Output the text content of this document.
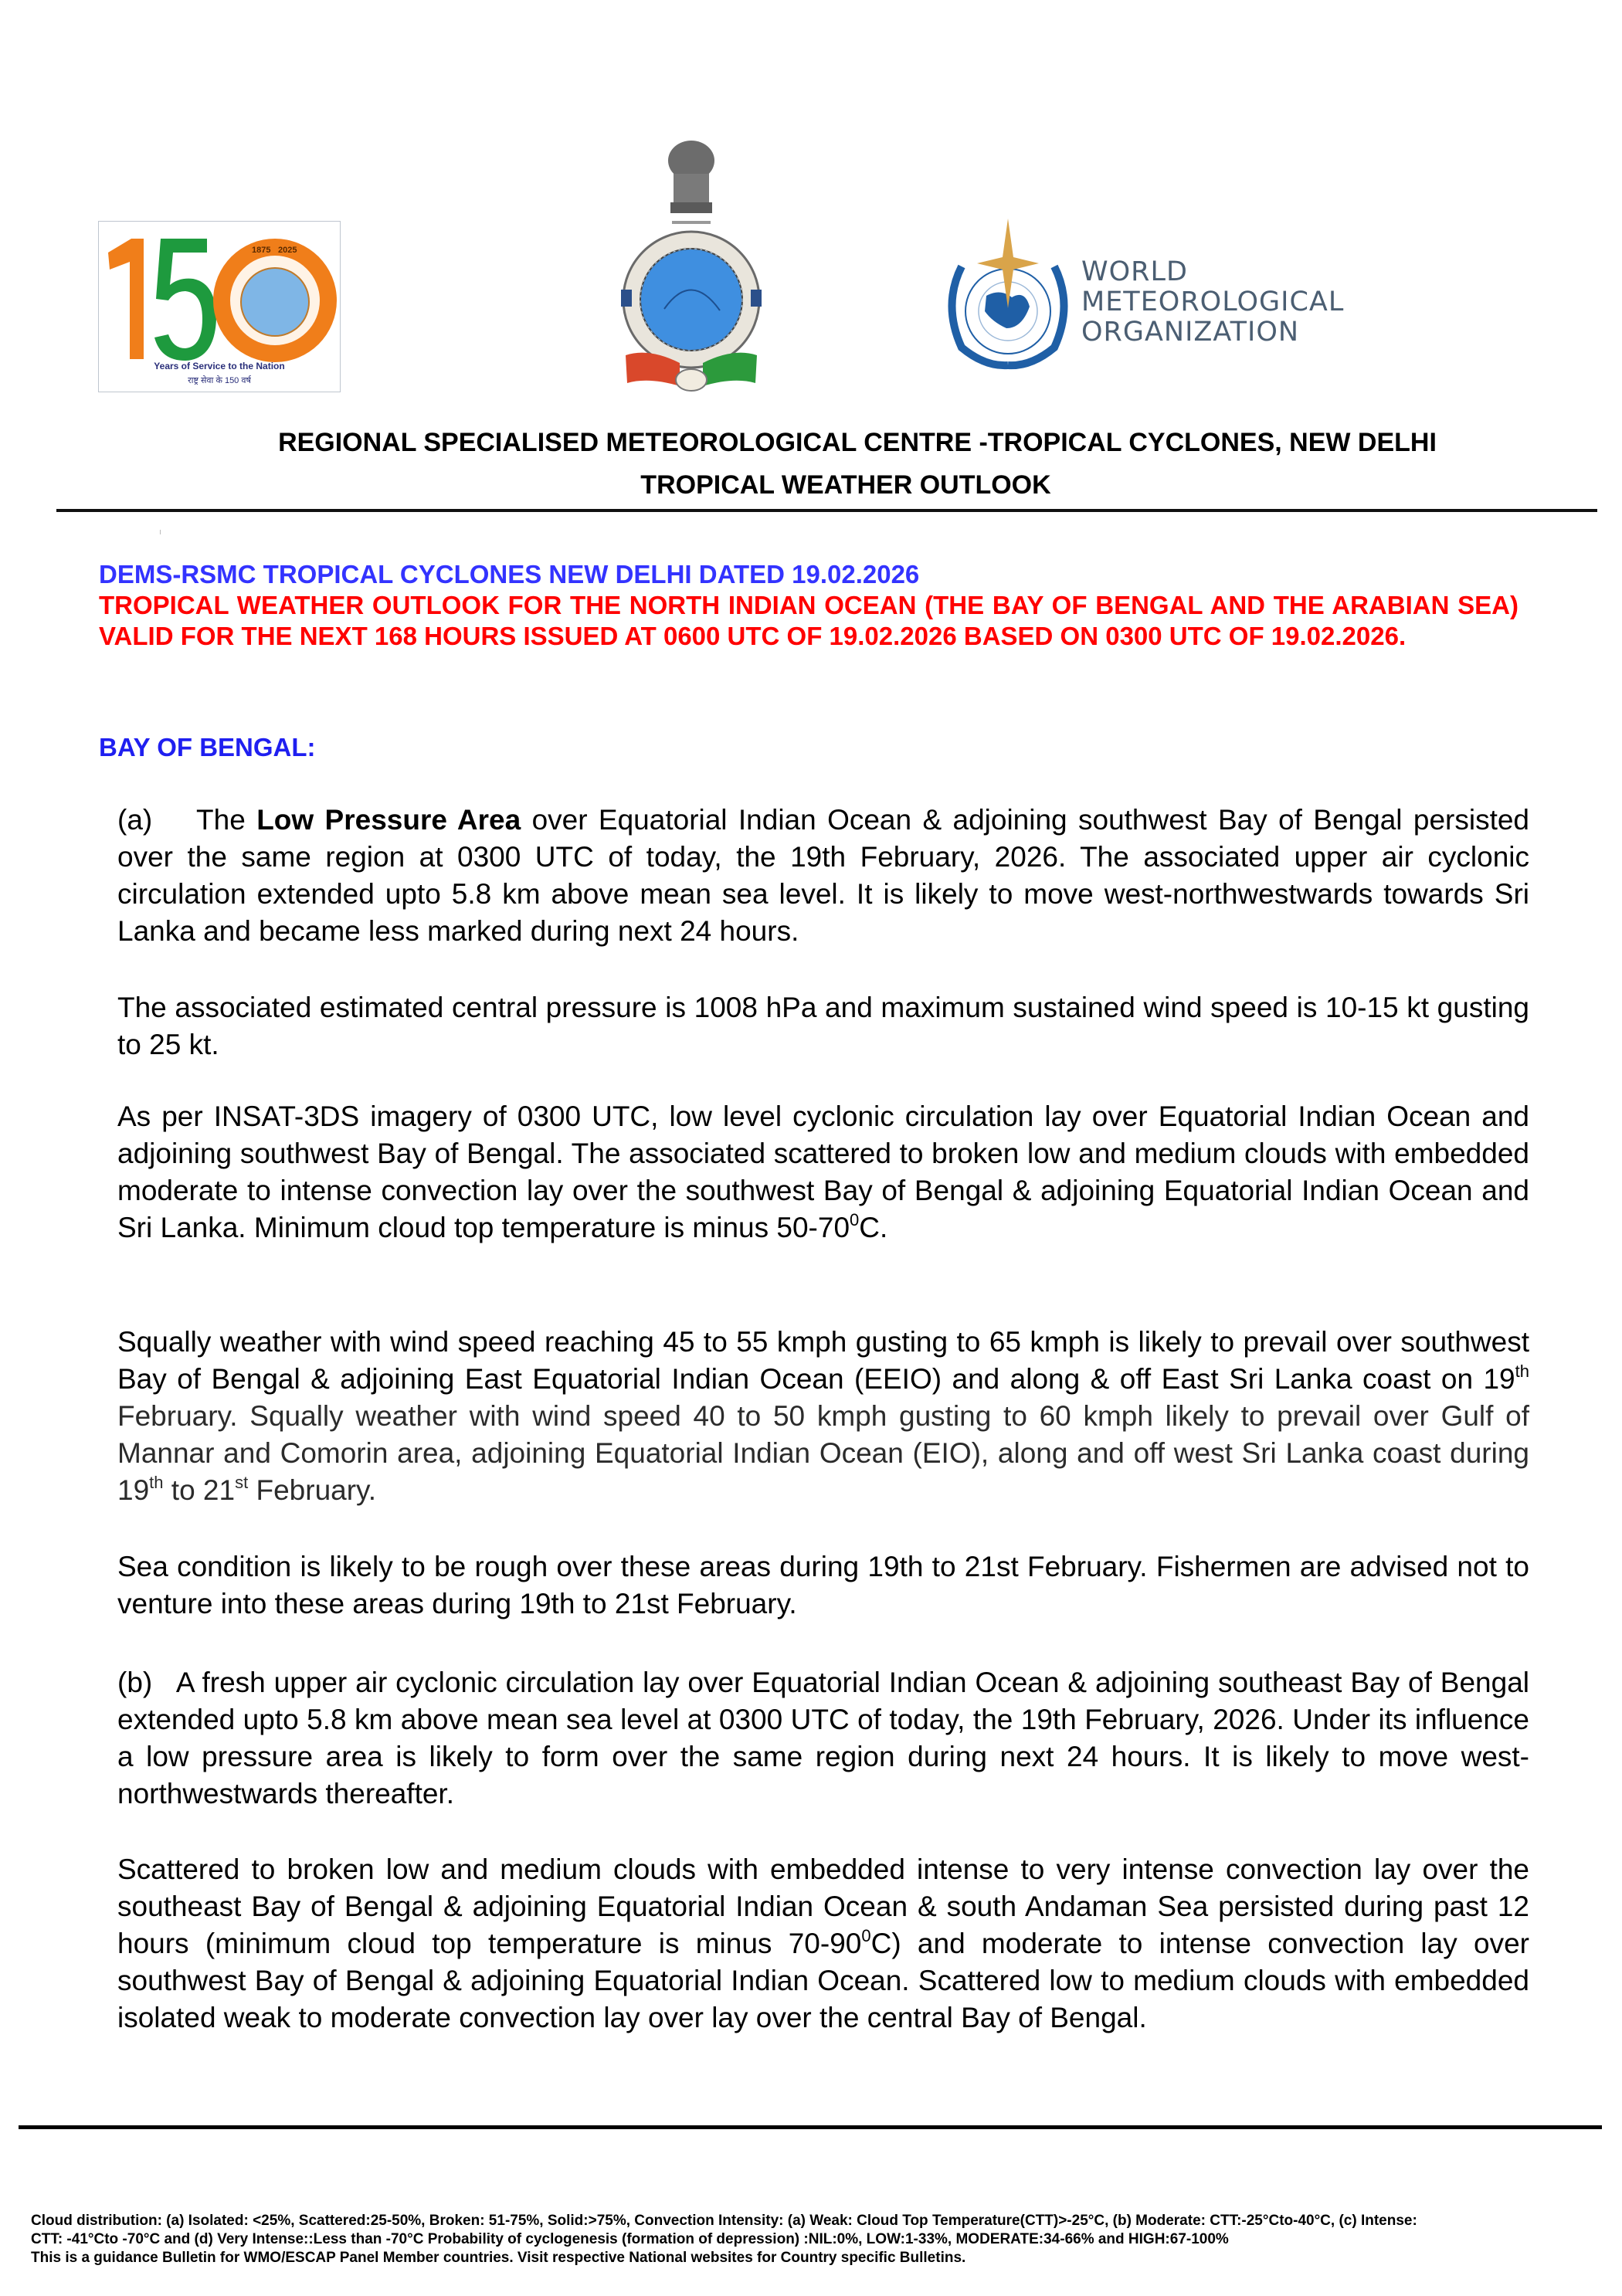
1875 2025
Years of Service to the Nation
राष्ट्र सेवा के 150 वर्ष
WORLD
METEOROLOGICAL
ORGANIZATION
REGIONAL SPECIALISED METEOROLOGICAL CENTRE -TROPICAL CYCLONES, NEW DELHI
TROPICAL WEATHER OUTLOOK
DEMS-RSMC TROPICAL CYCLONES NEW DELHI DATED 19.02.2026
TROPICAL WEATHER OUTLOOK FOR THE NORTH INDIAN OCEAN (THE BAY OF BENGAL AND THE ARABIAN SEA) VALID FOR THE NEXT 168 HOURS ISSUED AT 0600 UTC OF 19.02.2026 BASED ON 0300 UTC OF 19.02.2026.
BAY OF BENGAL:
(a) The Low Pressure Area over Equatorial Indian Ocean & adjoining southwest Bay of Bengal persisted over the same region at 0300 UTC of today, the 19th February, 2026. The associated upper air cyclonic circulation extended upto 5.8 km above mean sea level. It is likely to move west-northwestwards towards Sri Lanka and became less marked during next 24 hours.
The associated estimated central pressure is 1008 hPa and maximum sustained wind speed is 10-15 kt gusting to 25 kt.
As per INSAT-3DS imagery of 0300 UTC, low level cyclonic circulation lay over Equatorial Indian Ocean and adjoining southwest Bay of Bengal. The associated scattered to broken low and medium clouds with embedded moderate to intense convection lay over the southwest Bay of Bengal & adjoining Equatorial Indian Ocean and Sri Lanka. Minimum cloud top temperature is minus $50-70^0C$.
Squally weather with wind speed reaching 45 to 55 kmph gusting to 65 kmph is likely to prevail over southwest Bay of Bengal & adjoining East Equatorial Indian Ocean (EEIO) and along & off East Sri Lanka coast on 19th February. Squally weather with wind speed 40 to 50 kmph gusting to 60 kmph likely to prevail over Gulf of Mannar and Comorin area, adjoining Equatorial Indian Ocean (EIO), along and off west Sri Lanka coast during 19th to 21st February.
Sea condition is likely to be rough over these areas during 19th to 21st February. Fishermen are advised not to venture into these areas during 19th to 21st February.
(b) A fresh upper air cyclonic circulation lay over Equatorial Indian Ocean & adjoining southeast Bay of Bengal extended upto 5.8 km above mean sea level at 0300 UTC of today, the 19th February, 2026. Under its influence a low pressure area is likely to form over the same region during next 24 hours. It is likely to move west-northwestwards thereafter.
Scattered to broken low and medium clouds with embedded intense to very intense convection lay over the southeast Bay of Bengal & adjoining Equatorial Indian Ocean & south Andaman Sea persisted during past 12 hours (minimum cloud top temperature is minus $70-90^0C$) and moderate to intense convection lay over southwest Bay of Bengal & adjoining Equatorial Indian Ocean. Scattered low to medium clouds with embedded isolated weak to moderate convection lay over lay over the central Bay of Bengal.
Cloud distribution: (a) Isolated: <25%, Scattered:25-50%, Broken: 51-75%, Solid:>75%, Convection Intensity: (a) Weak: Cloud Top Temperature(CTT)>-25°C, (b) Moderate: CTT:-25°Cto-40°C, (c) Intense:
CTT: -41°Cto -70°C and (d) Very Intense::Less than -70°C Probability of cyclogenesis (formation of depression) :NIL:0%, LOW:1-33%, MODERATE:34-66% and HIGH:67-100%
This is a guidance Bulletin for WMO/ESCAP Panel Member countries. Visit respective National websites for Country specific Bulletins.
